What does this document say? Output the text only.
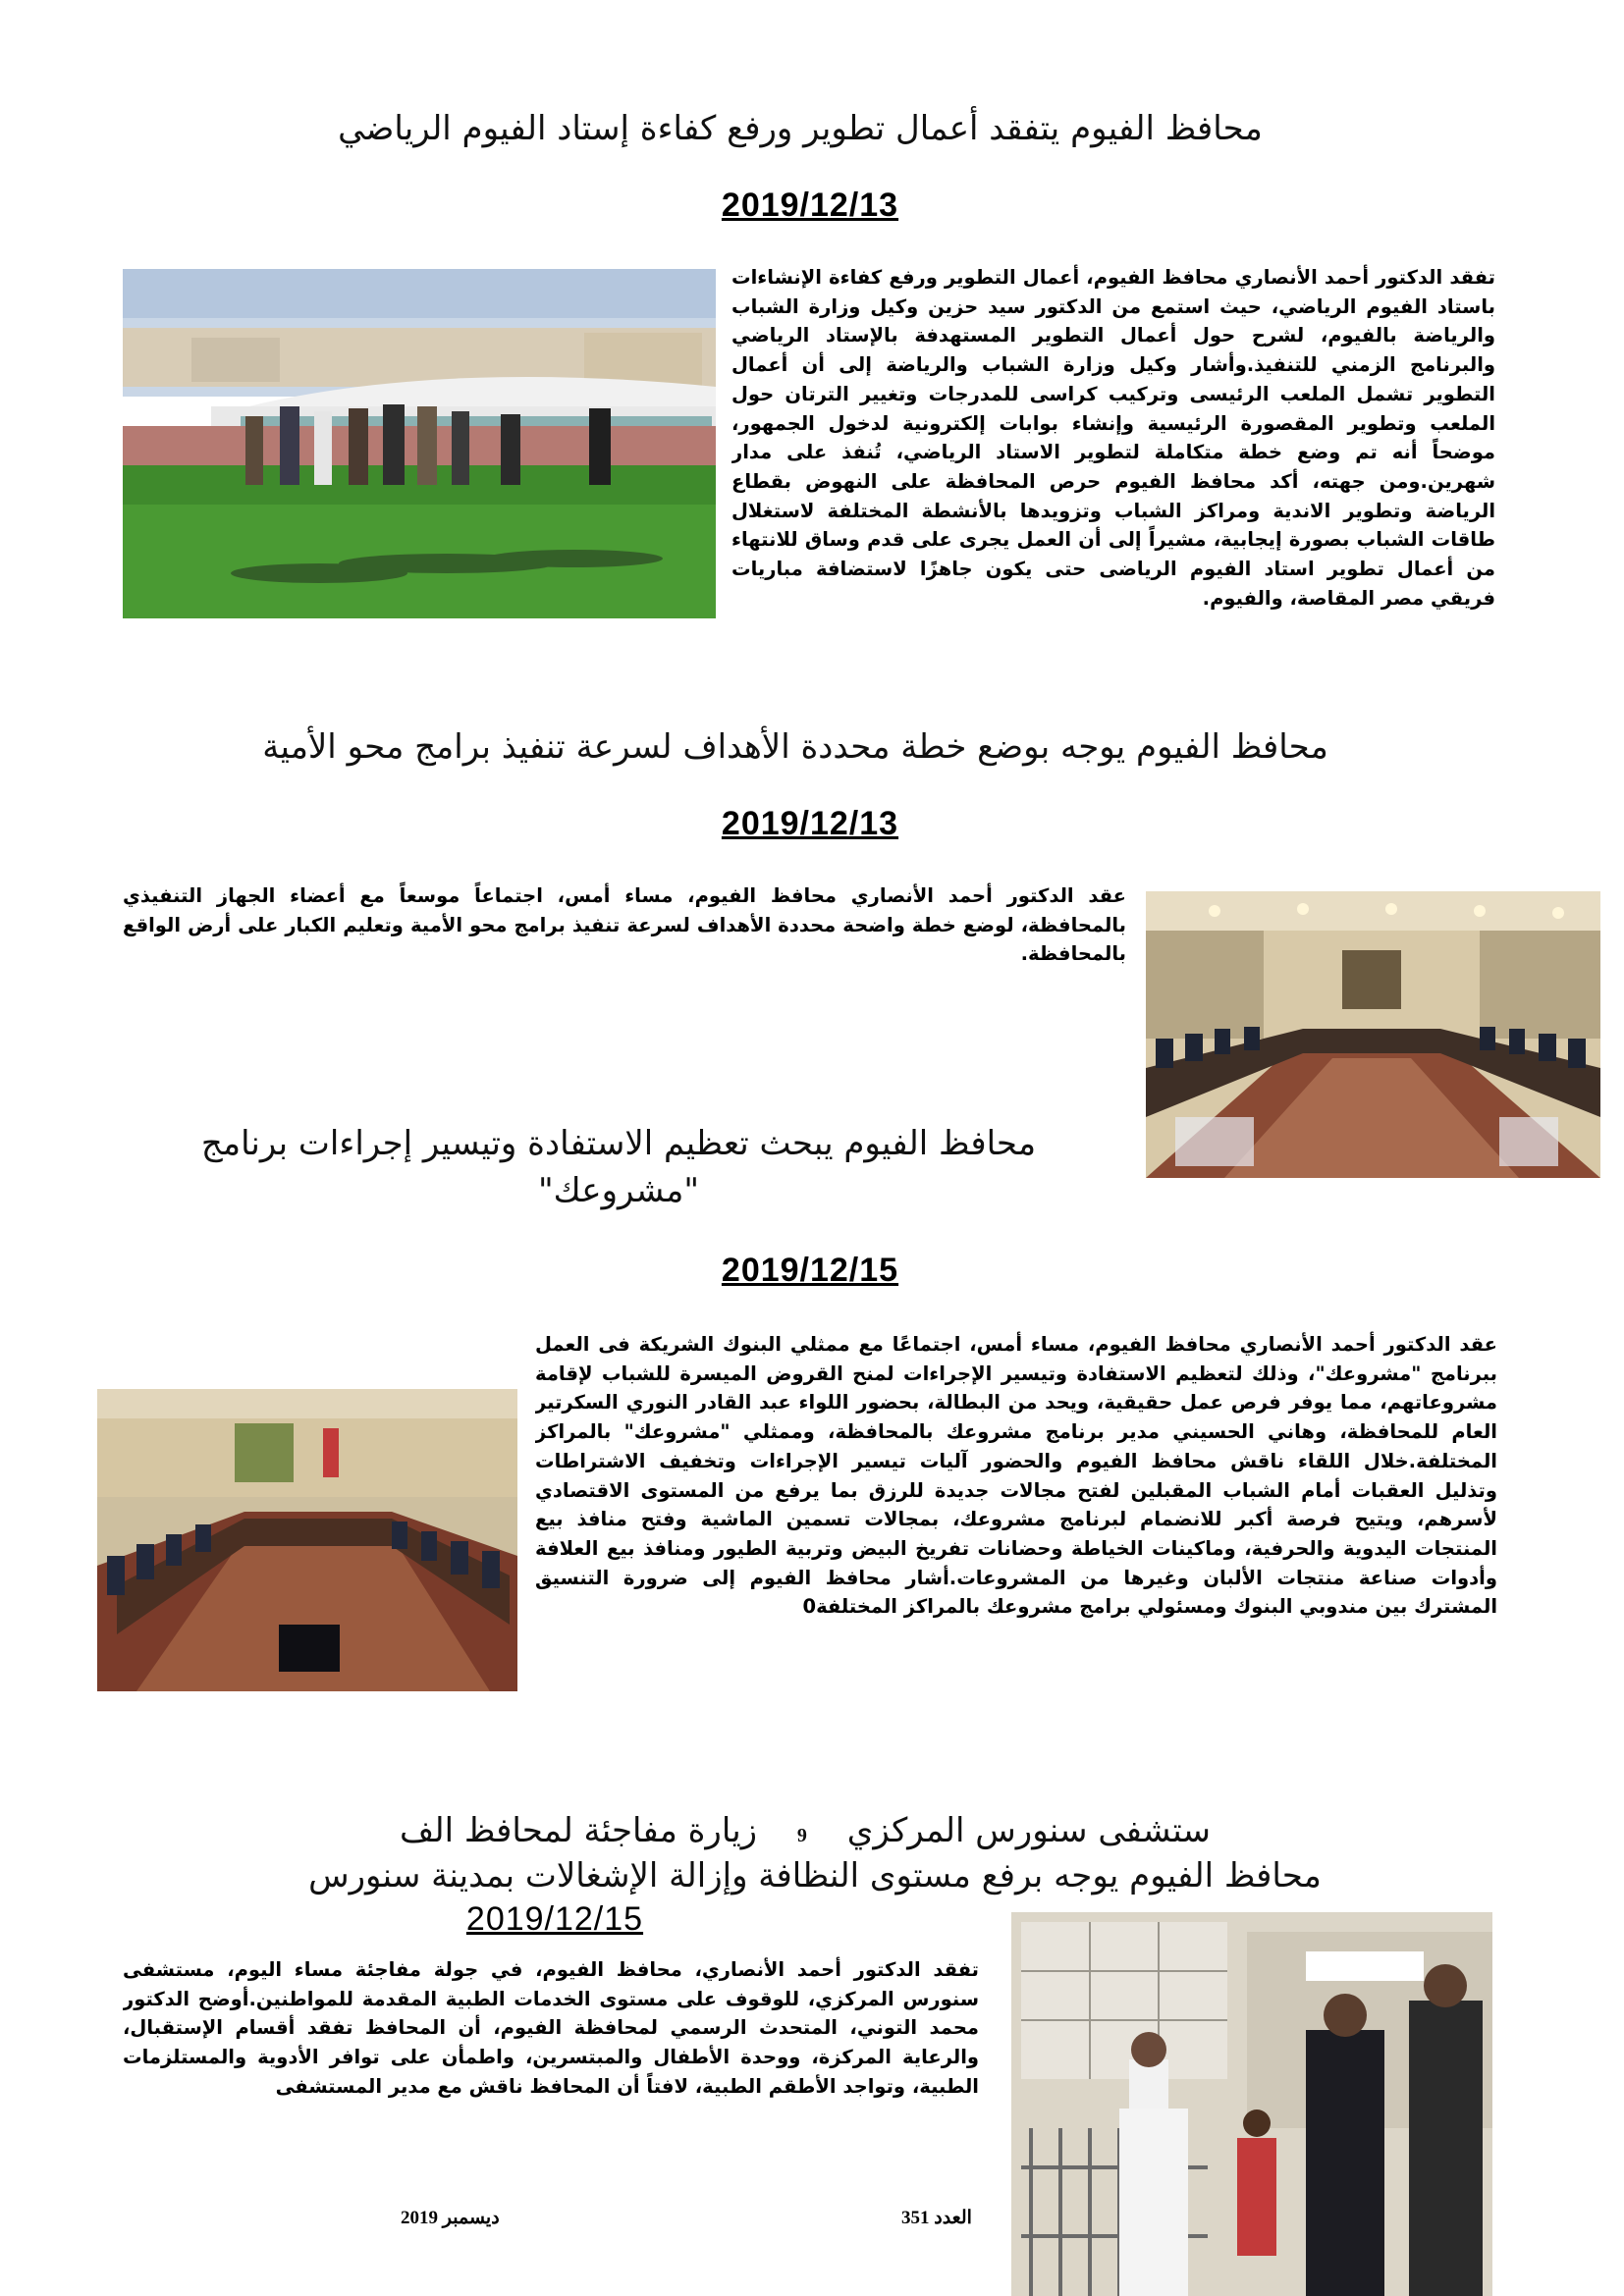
محافظ الفيوم يتفقد أعمال تطوير ورفع كفاءة إستاد الفيوم الرياضي
2019/12/13
تفقد الدكتور أحمد الأنصاري محافظ الفيوم، أعمال التطوير ورفع كفاءة الإنشاءات باستاد الفيوم الرياضي، حيث استمع من الدكتور سيد حزين وكيل وزارة الشباب والرياضة بالفيوم، لشرح حول أعمال التطوير المستهدفة بالإستاد الرياضي والبرنامج الزمني للتنفيذ.وأشار وكيل وزارة الشباب والرياضة إلى أن أعمال التطوير تشمل الملعب الرئيسى وتركيب كراسى للمدرجات وتغيير الترتان حول الملعب وتطوير المقصورة الرئيسية وإنشاء بوابات إلكترونية لدخول الجمهور، موضحاً أنه تم وضع خطة متكاملة لتطوير الاستاد الرياضي، تُنفذ على مدار شهرين.ومن جهته، أكد محافظ الفيوم حرص المحافظة على النهوض بقطاع الرياضة وتطوير الاندية ومراكز الشباب وتزويدها بالأنشطة المختلفة لاستغلال طاقات الشباب بصورة إيجابية، مشيراً إلى أن العمل يجرى على قدم وساق للانتهاء من أعمال تطوير استاد الفيوم الرياضى حتى يكون جاهزًا لاستضافة مباريات فريقي مصر المقاصة، والفيوم.
محافظ الفيوم يوجه بوضع خطة محددة الأهداف لسرعة تنفيذ برامج محو الأمية
2019/12/13
عقد الدكتور أحمد الأنصاري محافظ الفيوم، مساء أمس، اجتماعاً موسعاً مع أعضاء الجهاز التنفيذي بالمحافظة، لوضع خطة واضحة محددة الأهداف لسرعة تنفيذ برامج محو الأمية وتعليم الكبار على أرض الواقع بالمحافظة.
محافظ الفيوم يبحث تعظيم الاستفادة وتيسير إجراءات برنامج
"مشروعك"
2019/12/15
عقد الدكتور أحمد الأنصاري محافظ الفيوم، مساء أمس، اجتماعًا مع ممثلي البنوك الشريكة فى العمل ببرنامج "مشروعك"، وذلك لتعظيم الاستفادة وتيسير الإجراءات لمنح القروض الميسرة للشباب لإقامة مشروعاتهم، مما يوفر فرص عمل حقيقية، ويحد من البطالة، بحضور اللواء عبد القادر النوري السكرتير العام للمحافظة، وهاني الحسيني مدير برنامج مشروعك بالمحافظة، وممثلي "مشروعك" بالمراكز المختلفة.خلال اللقاء ناقش محافظ الفيوم والحضور آليات تيسير الإجراءات وتخفيف الاشتراطات وتذليل العقبات أمام الشباب المقبلين لفتح مجالات جديدة للرزق بما يرفع من المستوى الاقتصادي لأسرهم، ويتيح فرصة أكبر للانضمام لبرنامج مشروعك، بمجالات تسمين الماشية وفتح منافذ بيع المنتجات اليدوية والحرفية، وماكينات الخياطة وحضانات تفريخ البيض وتربية الطيور ومنافذ بيع العلافة وأدوات صناعة منتجات الألبان وغيرها من المشروعات.أشار محافظ الفيوم إلى ضرورة التنسيق المشترك بين مندوبي البنوك ومسئولي برامج مشروعك بالمراكز المختلفة0
ستشفى سنورس المركزي 9 زيارة مفاجئة لمحافظ الف
محافظ الفيوم يوجه برفع مستوى النظافة وإزالة الإشغالات بمدينة سنورس
2019/12/15
تفقد الدكتور أحمد الأنصاري، محافظ الفيوم، في جولة مفاجئة مساء اليوم، مستشفى سنورس المركزي، للوقوف على مستوى الخدمات الطبية المقدمة للمواطنين.أوضح الدكتور محمد التوني، المتحدث الرسمي لمحافظة الفيوم، أن المحافظ تفقد أقسام الإستقبال، والرعاية المركزة، ووحدة الأطفال والمبتسرين، واطمأن على توافر الأدوية والمستلزمات الطبية، وتواجد الأطقم الطبية، لافتاً أن المحافظ ناقش مع مدير المستشفى
العدد 351
ديسمبر 2019
